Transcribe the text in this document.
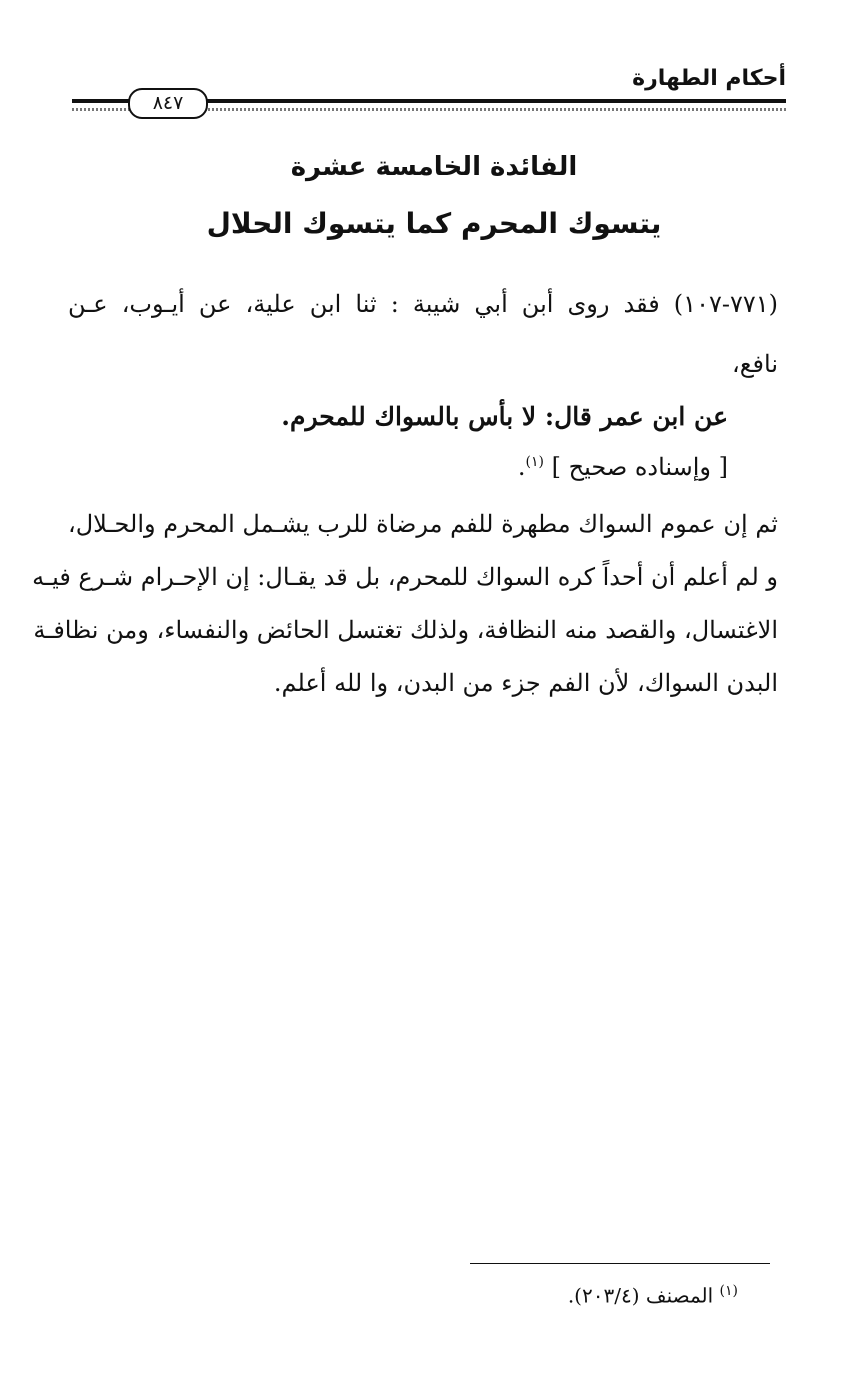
أحكام الطهارة
٨٤٧
الفائدة الخامسة عشرة
يتسوك المحرم كما يتسوك الحلال
(٧٧١-١٠٧) فقد روى أبن أبي شيبة : ثنا ابن علية، عن أيـوب، عـن
نافع،
عن ابن عمر قال: لا بأس بالسواك للمحرم.
[ وإسناده صحيح ] $^{(١)}$.
ثم إن عموم السواك مطهرة للفم مرضاة للرب يشـمل المحرم والحـلال،
و لم أعلم أن أحداً كره السواك للمحرم، بل قد يقـال: إن الإحـرام شـرع فيـه
الاغتسال، والقصد منه النظافة، ولذلك تغتسل الحائض والنفساء، ومن نظافـة
البدن السواك، لأن الفم جزء من البدن، وا لله أعلم.
$^{(١)}$ المصنف (٢٠٣/٤).
